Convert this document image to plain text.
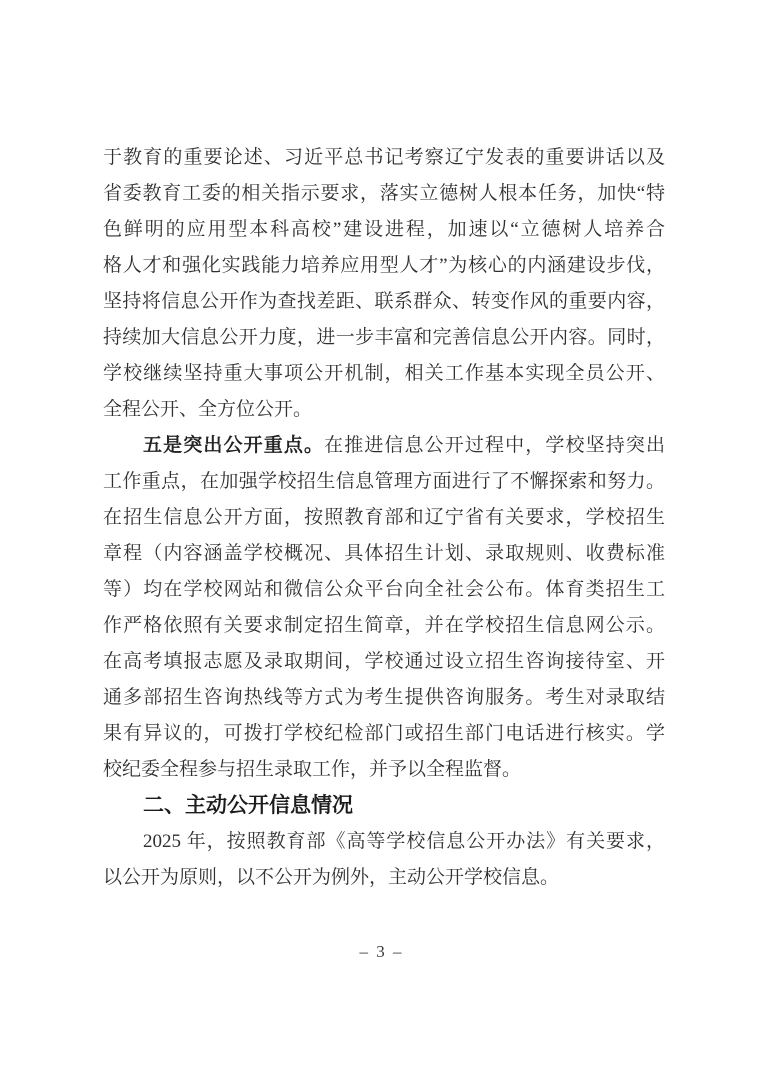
于教育的重要论述、习近平总书记考察辽宁发表的重要讲话以及
省委教育工委的相关指示要求，落实立德树人根本任务，加快“特
色鲜明的应用型本科高校”建设进程，加速以“立德树人培养合
格人才和强化实践能力培养应用型人才”为核心的内涵建设步伐，
坚持将信息公开作为查找差距、联系群众、转变作风的重要内容，
持续加大信息公开力度，进一步丰富和完善信息公开内容。同时，
学校继续坚持重大事项公开机制，相关工作基本实现全员公开、
全程公开、全方位公开。
五是突出公开重点。在推进信息公开过程中，学校坚持突出
工作重点，在加强学校招生信息管理方面进行了不懈探索和努力。
在招生信息公开方面，按照教育部和辽宁省有关要求，学校招生
章程（内容涵盖学校概况、具体招生计划、录取规则、收费标准
等）均在学校网站和微信公众平台向全社会公布。体育类招生工
作严格依照有关要求制定招生简章，并在学校招生信息网公示。
在高考填报志愿及录取期间，学校通过设立招生咨询接待室、开
通多部招生咨询热线等方式为考生提供咨询服务。考生对录取结
果有异议的，可拨打学校纪检部门或招生部门电话进行核实。学
校纪委全程参与招生录取工作，并予以全程监督。
二、主动公开信息情况
2025 年，按照教育部《高等学校信息公开办法》有关要求，
以公开为原则，以不公开为例外，主动公开学校信息。
– 3 –
